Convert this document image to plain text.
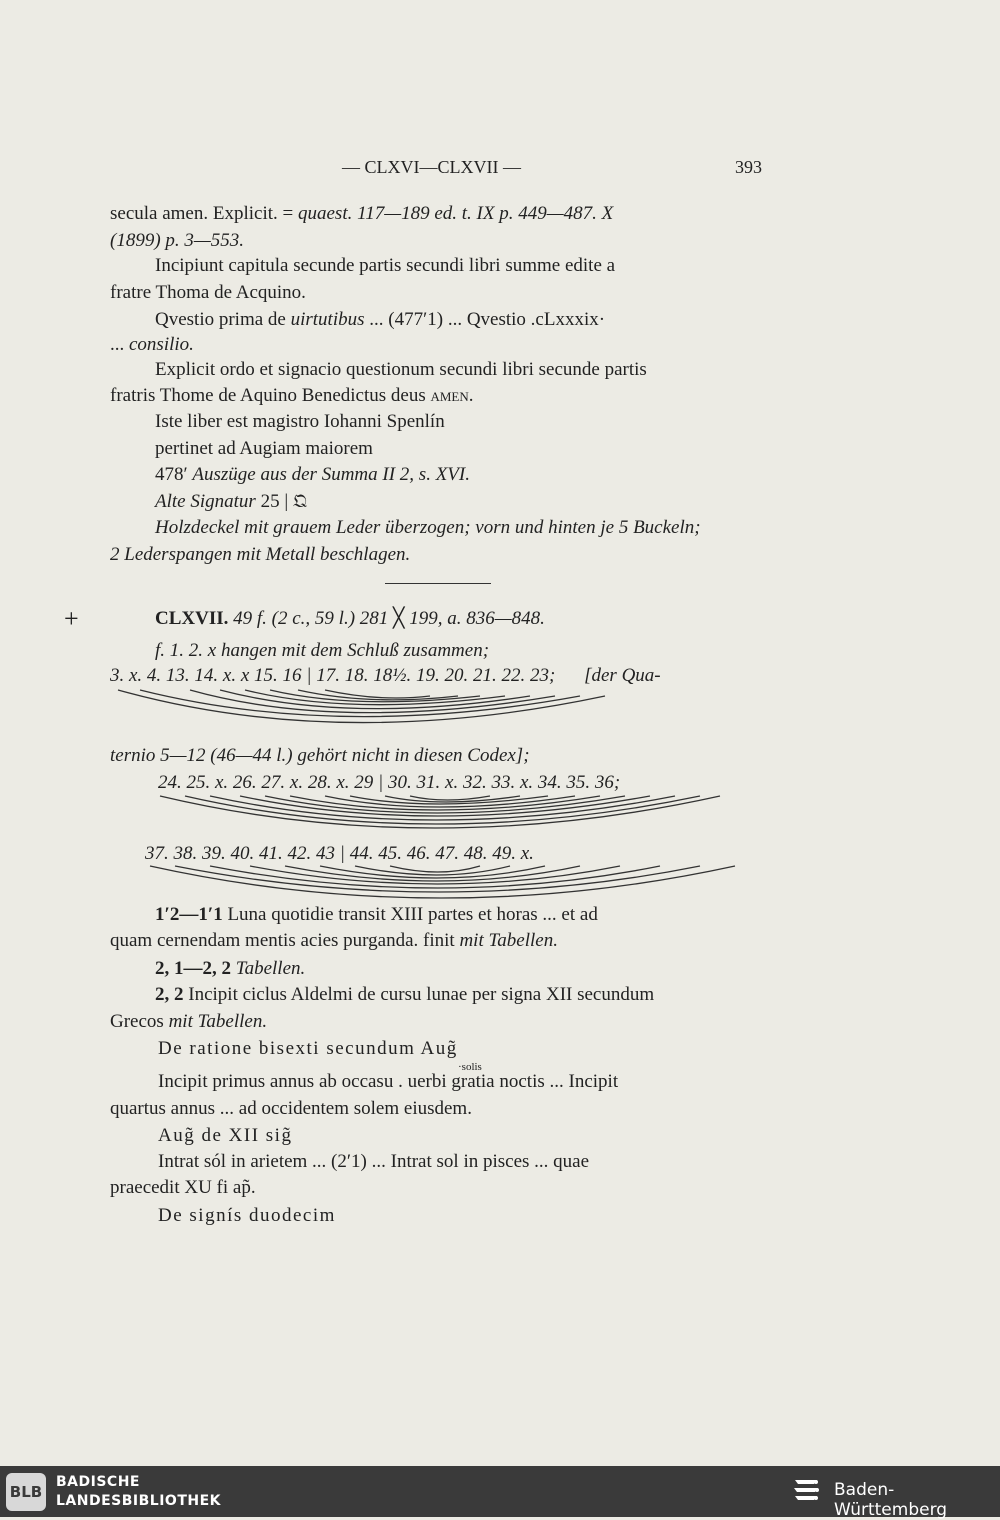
— CLXVI—CLXVII —	393
secula amen. Explicit. = quaest. 117—189 ed. t. IX p. 449—487. X
(1899) p. 3—553.
Incipiunt capitula secunde partis secundi libri summe edite a
fratre Thoma de Acquino.
Qvestio prima de uirtutibus ... (477′1) ... Qvestio .cLxxxix·
... consilio.
Explicit ordo et signacio questionum secundi libri secunde partis
fratris Thome de Aquino Benedictus deus amen.
Iste liber est magistro Iohanni Spenlín
pertinet ad Augiam maiorem
478′ Auszüge aus der Summa II 2, s. XVI.
Alte Signatur 25 | 𝔔
Holzdeckel mit grauem Leder überzogen; vorn und hinten je 5 Buckeln;
2 Lederspangen mit Metall beschlagen.
+	CLXVII. 49 f. (2 c., 59 l.) 281 ╳ 199, a. 836—848.
f. 1. 2. x hangen mit dem Schluß zusammen;
3. x. 4. 13. 14. x. x 15. 16 | 17. 18. 18½. 19. 20. 21. 22. 23; [der Qua-
ternio 5—12 (46—44 l.) gehört nicht in diesen Codex];
24. 25. x. 26. 27. x. 28. x. 29 | 30. 31. x. 32. 33. x. 34. 35. 36;
37. 38. 39. 40. 41. 42. 43 | 44. 45. 46. 47. 48. 49. x.
1′2—1′1 Luna quotidie transit XIII partes et horas ... et ad
quam cernendam mentis acies purganda. finit mit Tabellen.
2, 1—2, 2 Tabellen.
2, 2 Incipit ciclus Aldelmi de cursu lunae per signa XII secundum
Grecos mit Tabellen.
De ratione bisexti secundum Aug̃
·solis
Incipit primus annus ab occasu . uerbi gratia noctis ... Incipit
quartus annus ... ad occidentem solem eiusdem.
Aug̃ de XII sig̃
Intrat sól in arietem ... (2′1) ... Intrat sol in pisces ... quae
praecedit XU fi ap̃.
De signís duodecim
BLB
BADISCHE
LANDESBIBLIOTHEK
Baden-Württemberg
